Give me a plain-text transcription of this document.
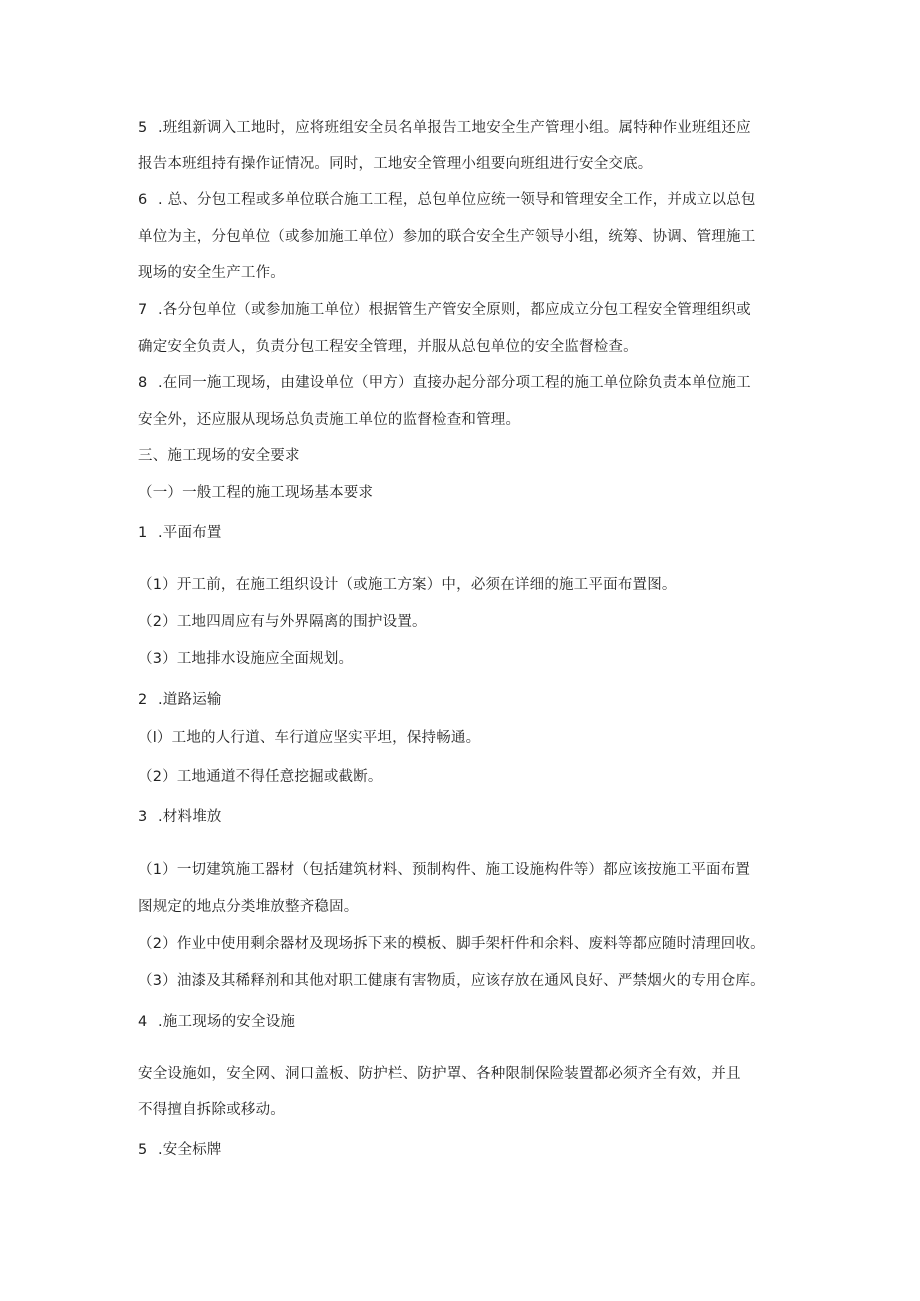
5 .班组新调入工地时，应将班组安全员名单报告工地安全生产管理小组。属特种作业班组还应
报告本班组持有操作证情况。同时，工地安全管理小组要向班组进行安全交底。
6 . 总、分包工程或多单位联合施工工程，总包单位应统一领导和管理安全工作，并成立以总包
单位为主，分包单位（或参加施工单位）参加的联合安全生产领导小组，统筹、协调、管理施工
现场的安全生产工作。
7 .各分包单位（或参加施工单位）根据管生产管安全原则，都应成立分包工程安全管理组织或
确定安全负责人，负责分包工程安全管理，并服从总包单位的安全监督检查。
8 .在同一施工现场，由建设单位（甲方）直接办起分部分项工程的施工单位除负责本单位施工
安全外，还应服从现场总负责施工单位的监督检查和管理。
三、施工现场的安全要求
（一）一般工程的施工现场基本要求
1 .平面布置
（1）开工前，在施工组织设计（或施工方案）中，必须在详细的施工平面布置图。
（2）工地四周应有与外界隔离的围护设置。
（3）工地排水设施应全面规划。
2 .道路运输
（l）工地的人行道、车行道应坚实平坦，保持畅通。
（2）工地通道不得任意挖掘或截断。
3 .材料堆放
（1）一切建筑施工器材（包括建筑材料、预制构件、施工设施构件等）都应该按施工平面布置
图规定的地点分类堆放整齐稳固。
（2）作业中使用剩余器材及现场拆下来的模板、脚手架杆件和余料、废料等都应随时清理回收。
（3）油漆及其稀释剂和其他对职工健康有害物质，应该存放在通风良好、严禁烟火的专用仓库。
4 .施工现场的安全设施
安全设施如，安全网、洞口盖板、防护栏、防护罩、各种限制保险装置都必须齐全有效，并且
不得擅自拆除或移动。
5 .安全标牌
